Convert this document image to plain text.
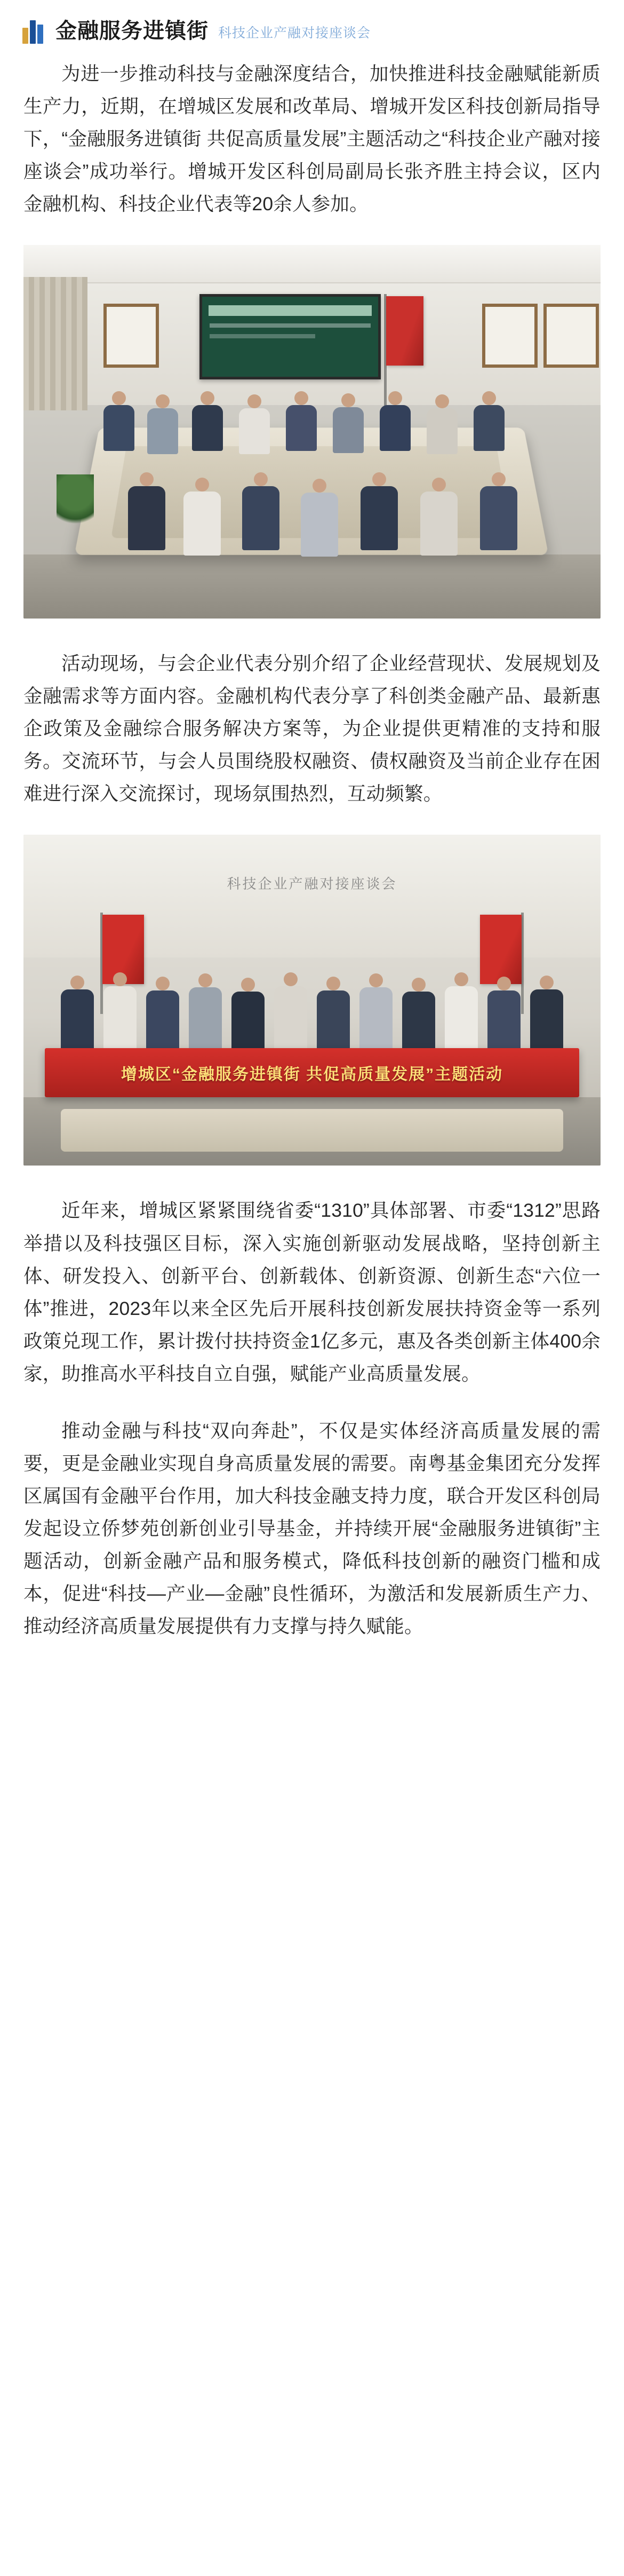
金融服务进镇街 科技企业产融对接座谈会

为进一步推动科技与金融深度结合，加快推进科技金融赋能新质生产力，近期，在增城区发展和改革局、增城开发区科技创新局指导下，“金融服务进镇街 共促高质量发展”主题活动之“科技企业产融对接座谈会”成功举行。增城开发区科创局副局长张齐胜主持会议，区内金融机构、科技企业代表等20余人参加。

活动现场，与会企业代表分别介绍了企业经营现状、发展规划及金融需求等方面内容。金融机构代表分享了科创类金融产品、最新惠企政策及金融综合服务解决方案等，为企业提供更精准的支持和服务。交流环节，与会人员围绕股权融资、债权融资及当前企业存在困难进行深入交流探讨，现场氛围热烈，互动频繁。

科技企业产融对接座谈会
增城区“金融服务进镇街 共促高质量发展”主题活动

近年来，增城区紧紧围绕省委“1310”具体部署、市委“1312”思路举措以及科技强区目标，深入实施创新驱动发展战略，坚持创新主体、研发投入、创新平台、创新载体、创新资源、创新生态“六位一体”推进，2023年以来全区先后开展科技创新发展扶持资金等一系列政策兑现工作，累计拨付扶持资金1亿多元，惠及各类创新主体400余家，助推高水平科技自立自强，赋能产业高质量发展。

推动金融与科技“双向奔赴”，不仅是实体经济高质量发展的需要，更是金融业实现自身高质量发展的需要。南粤基金集团充分发挥区属国有金融平台作用，加大科技金融支持力度，联合开发区科创局发起设立侨梦苑创新创业引导基金，并持续开展“金融服务进镇街”主题活动，创新金融产品和服务模式，降低科技创新的融资门槛和成本，促进“科技—产业—金融”良性循环，为激活和发展新质生产力、推动经济高质量发展提供有力支撑与持久赋能。
